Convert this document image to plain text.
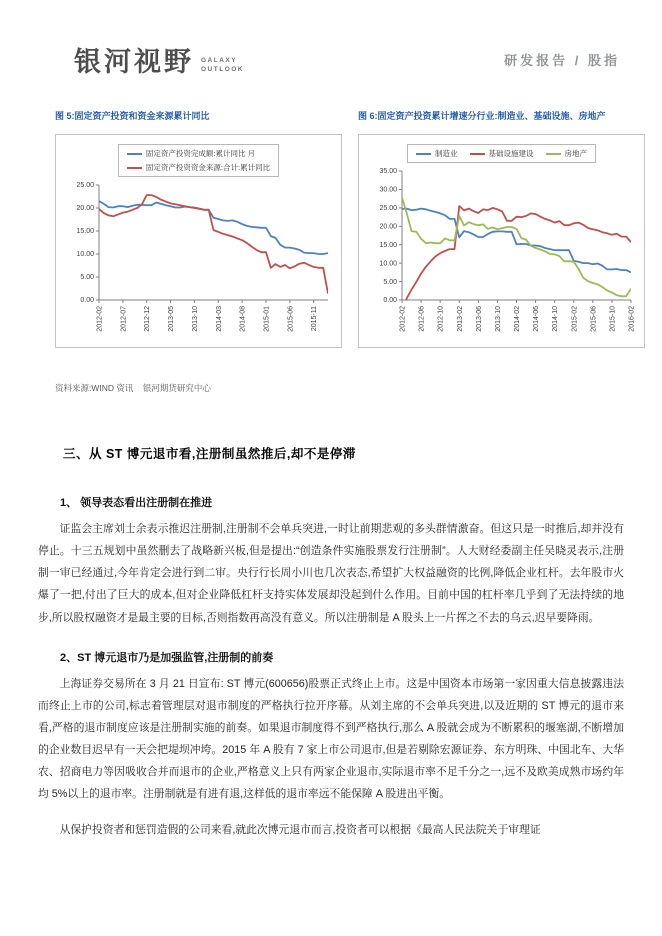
银河视野 GALAXY
OUTLOOK
研发报告 / 股指
图 5:固定资产投资和资金来源累计同比	图 6:固定资产投资累计增速分行业:制造业、基础设施、房地产
固定资产投资完成额:累计同比 月
固定资产投资资金来源:合计:累计同比
0.00
5.00
10.00
15.00
20.00
25.00
2012-02 2012-07 2012-12 2013-05 2013-10 2014-03 2014-08 2015-01 2015-06 2015-11
制造业	基础设施建设	房地产
0.00
5.00
10.00
15.00
20.00
25.00
30.00
35.00
2012-02 2012-06 2012-10 2013-02 2013-06 2013-10 2014-02 2014-06 2014-10 2015-02 2015-06 2015-10 2016-02
资料来源:WIND 资讯    银河期货研究中心
三、从 ST 博元退市看,注册制虽然推后,却不是停滞
1、 领导表态看出注册制在推进

证监会主席刘士余表示推迟注册制,注册制不会单兵突进,一时让前期悲观的多头群情激奋。但这只是一时推后,却并没有停止。十三五规划中虽然删去了战略新兴板,但是提出:“创造条件实施股票发行注册制”。人大财经委副主任吴晓灵表示,注册制一审已经通过,今年肯定会进行到二审。央行行长周小川也几次表态,希望扩大权益融资的比例,降低企业杠杆。去年股市火爆了一把,付出了巨大的成本,但对企业降低杠杆支持实体发展却没起到什么作用。目前中国的杠杆率几乎到了无法持续的地步,所以股权融资才是最主要的目标,否则指数再高没有意义。所以注册制是 A 股头上一片挥之不去的乌云,迟早要降雨。

2、ST 博元退市乃是加强监管,注册制的前奏

上海证券交易所在 3 月 21 日宣布: ST 博元(600656)股票正式终止上市。这是中国资本市场第一家因重大信息披露违法而终止上市的公司,标志着管理层对退市制度的严格执行拉开序幕。从刘主席的不会单兵突进,以及近期的 ST 博元的退市来看,严格的退市制度应该是注册制实施的前奏。如果退市制度得不到严格执行,那么 A 股就会成为不断累积的堰塞湖,不断增加的企业数目迟早有一天会把堤坝冲垮。2015 年 A 股有 7 家上市公司退市,但是若剔除宏源证券、东方明珠、中国北车、大华农、招商电力等因吸收合并而退市的企业,严格意义上只有两家企业退市,实际退市率不足千分之一,远不及欧美成熟市场约年均 5%以上的退市率。注册制就是有进有退,这样低的退市率远不能保障 A 股进出平衡。

从保护投资者和惩罚造假的公司来看,就此次博元退市而言,投资者可以根据《最高人民法院关于审理证
